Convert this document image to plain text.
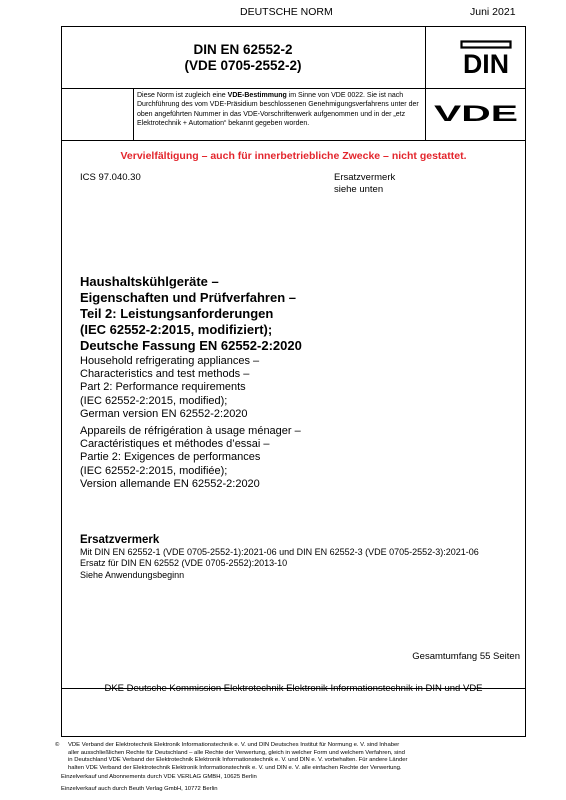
DEUTSCHE NORM	Juni 2021
DIN EN 62552-2
(VDE 0705-2552-2)	DIN
VDE
Diese Norm ist zugleich eine VDE-Bestimmung im Sinne von VDE 0022. Sie ist nach Durchführung des vom VDE-Präsidium beschlossenen Genehmigungsverfahrens unter der oben angeführten Nummer in das VDE-Vorschriftenwerk aufgenommen und in der „etz Elektrotechnik + Automation“ bekannt gegeben worden.
Vervielfältigung – auch für innerbetriebliche Zwecke – nicht gestattet.
ICS 97.040.30	Ersatzvermerk
siehe unten
Haushaltskühlgeräte –
Eigenschaften und Prüfverfahren –
Teil 2: Leistungsanforderungen
(IEC 62552-2:2015, modifiziert);
Deutsche Fassung EN 62552-2:2020
Household refrigerating appliances –
Characteristics and test methods –
Part 2: Performance requirements
(IEC 62552-2:2015, modified);
German version EN 62552-2:2020
Appareils de réfrigération à usage ménager –
Caractéristiques et méthodes d’essai –
Partie 2: Exigences de performances
(IEC 62552-2:2015, modifiée);
Version allemande EN 62552-2:2020
Ersatzvermerk
Mit DIN EN 62552-1 (VDE 0705-2552-1):2021-06 und DIN EN 62552-3 (VDE 0705-2552-3):2021-06
Ersatz für DIN EN 62552 (VDE 0705-2552):2013-10
Siehe Anwendungsbeginn
Gesamtumfang 55 Seiten
DKE Deutsche Kommission Elektrotechnik Elektronik Informationstechnik in DIN und VDE
© VDE Verband der Elektrotechnik Elektronik Informationstechnik e. V. und DIN Deutsches Institut für Normung e. V. sind Inhaber
aller ausschließlichen Rechte für Deutschland – alle Rechte der Verwertung, gleich in welcher Form und welchem Verfahren, sind
in Deutschland VDE Verband der Elektrotechnik Elektronik Informationstechnik e. V. und DIN e. V. vorbehalten. Für andere Länder
halten VDE Verband der Elektrotechnik Elektronik Informationstechnik e. V. und DIN e. V. alle einfachen Rechte der Verwertung.
Einzelverkauf und Abonnements durch VDE VERLAG GMBH, 10625 Berlin
Einzelverkauf auch durch Beuth Verlag GmbH, 10772 Berlin
